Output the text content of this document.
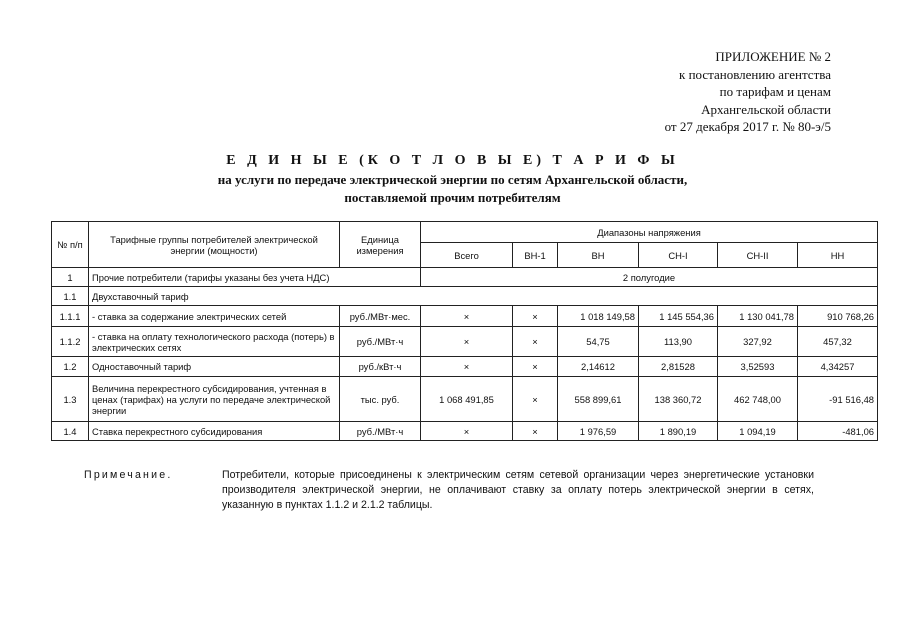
ПРИЛОЖЕНИЕ № 2
к постановлению агентства
по тарифам и ценам
Архангельской области
от 27 декабря 2017 г. № 80-э/5
Е Д И Н Ы Е (К О Т Л О В Ы Е) Т А Р И Ф Ы
на услуги по передаче электрической энергии по сетям Архангельской области,
поставляемой прочим потребителям
№ п/п	Тарифные группы потребителей электрической энергии (мощности)	Единица измерения	Диапазоны напряжения					
			Всего	ВН-1	ВН	СН-I	СН-II	НН
1	Прочие потребители (тарифы указаны без учета НДС)		2 полугодие					
1.1	Двухставочный тариф							
1.1.1	- ставка за содержание электрических сетей	руб./МВт·мес.	×	×	1 018 149,58	1 145 554,36	1 130 041,78	910 768,26
1.1.2	- ставка на оплату технологического расхода (потерь) в электрических сетях	руб./МВт·ч	×	×	54,75	113,90	327,92	457,32
1.2	Одноставочный тариф	руб./кВт·ч	×	×	2,14612	2,81528	3,52593	4,34257
1.3	Величина перекрестного субсидирования, учтенная в ценах (тарифах) на услуги по передаче электрической энергии	тыс. руб.	1 068 491,85	×	558 899,61	138 360,72	462 748,00	-91 516,48
1.4	Ставка перекрестного субсидирования	руб./МВт·ч	×	×	1 976,59	1 890,19	1 094,19	-481,06
Примечание.	Потребители, которые присоединены к электрическим сетям сетевой организации через энергетические установки производителя электрической энергии, не оплачивают ставку за оплату потерь электрической энергии в сетях, указанную в пунктах 1.1.2 и 2.1.2 таблицы.
